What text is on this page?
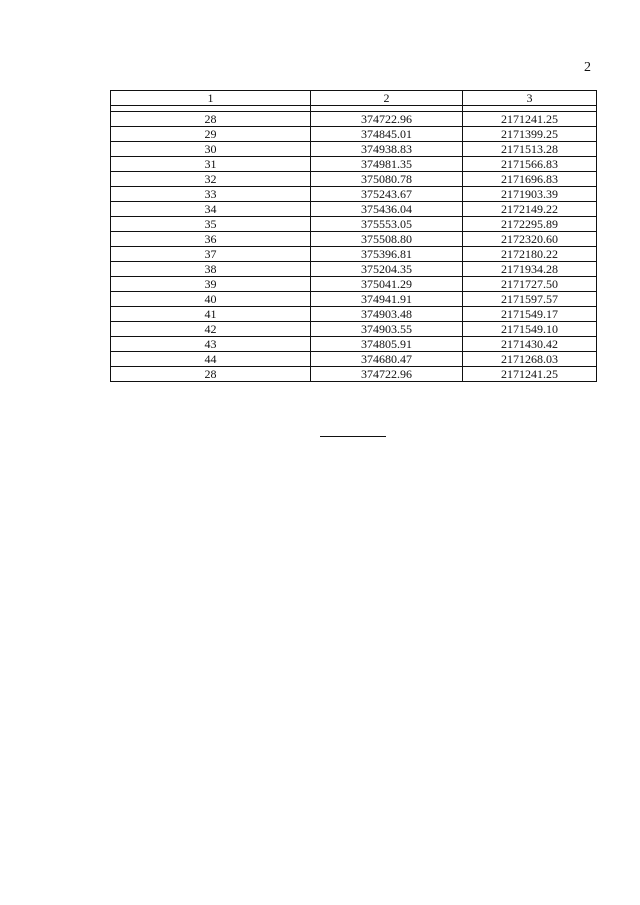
2
1	2	3

28	374722.96	2171241.25
29	374845.01	2171399.25
30	374938.83	2171513.28
31	374981.35	2171566.83
32	375080.78	2171696.83
33	375243.67	2171903.39
34	375436.04	2172149.22
35	375553.05	2172295.89
36	375508.80	2172320.60
37	375396.81	2172180.22
38	375204.35	2171934.28
39	375041.29	2171727.50
40	374941.91	2171597.57
41	374903.48	2171549.17
42	374903.55	2171549.10
43	374805.91	2171430.42
44	374680.47	2171268.03
28	374722.96	2171241.25
